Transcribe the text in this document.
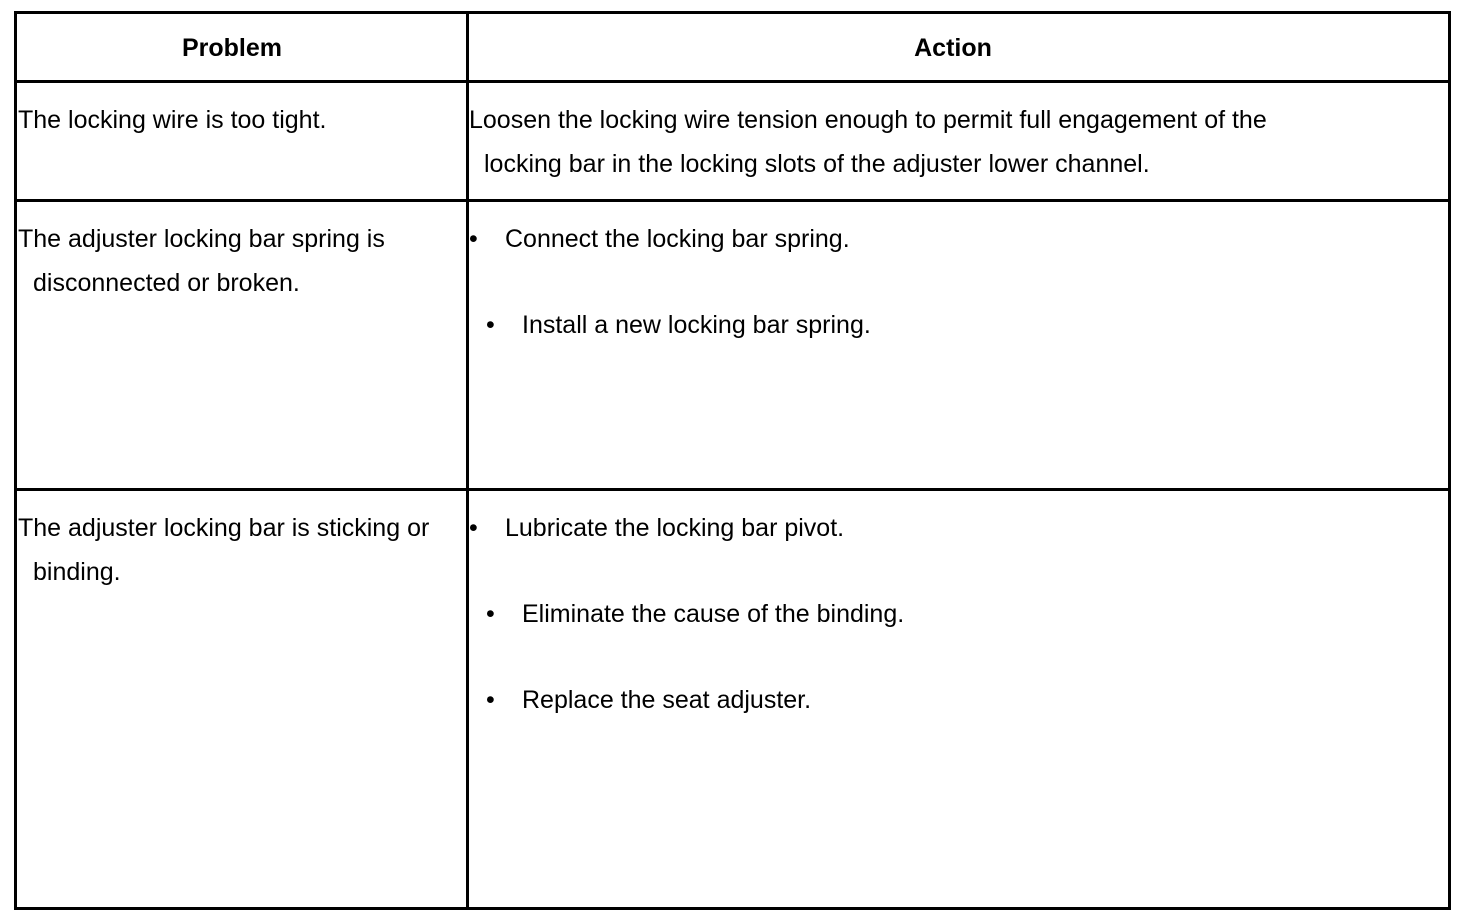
Problem	Action
The locking wire is too tight.	Loosen the locking wire tension enough to permit full engagement of the
locking bar in the locking slots of the adjuster lower channel.
The adjuster locking bar spring is
disconnected or broken.
• Connect the locking bar spring.
• Install a new locking bar spring.
The adjuster locking bar is sticking or
binding.
• Lubricate the locking bar pivot.
• Eliminate the cause of the binding.
• Replace the seat adjuster.
